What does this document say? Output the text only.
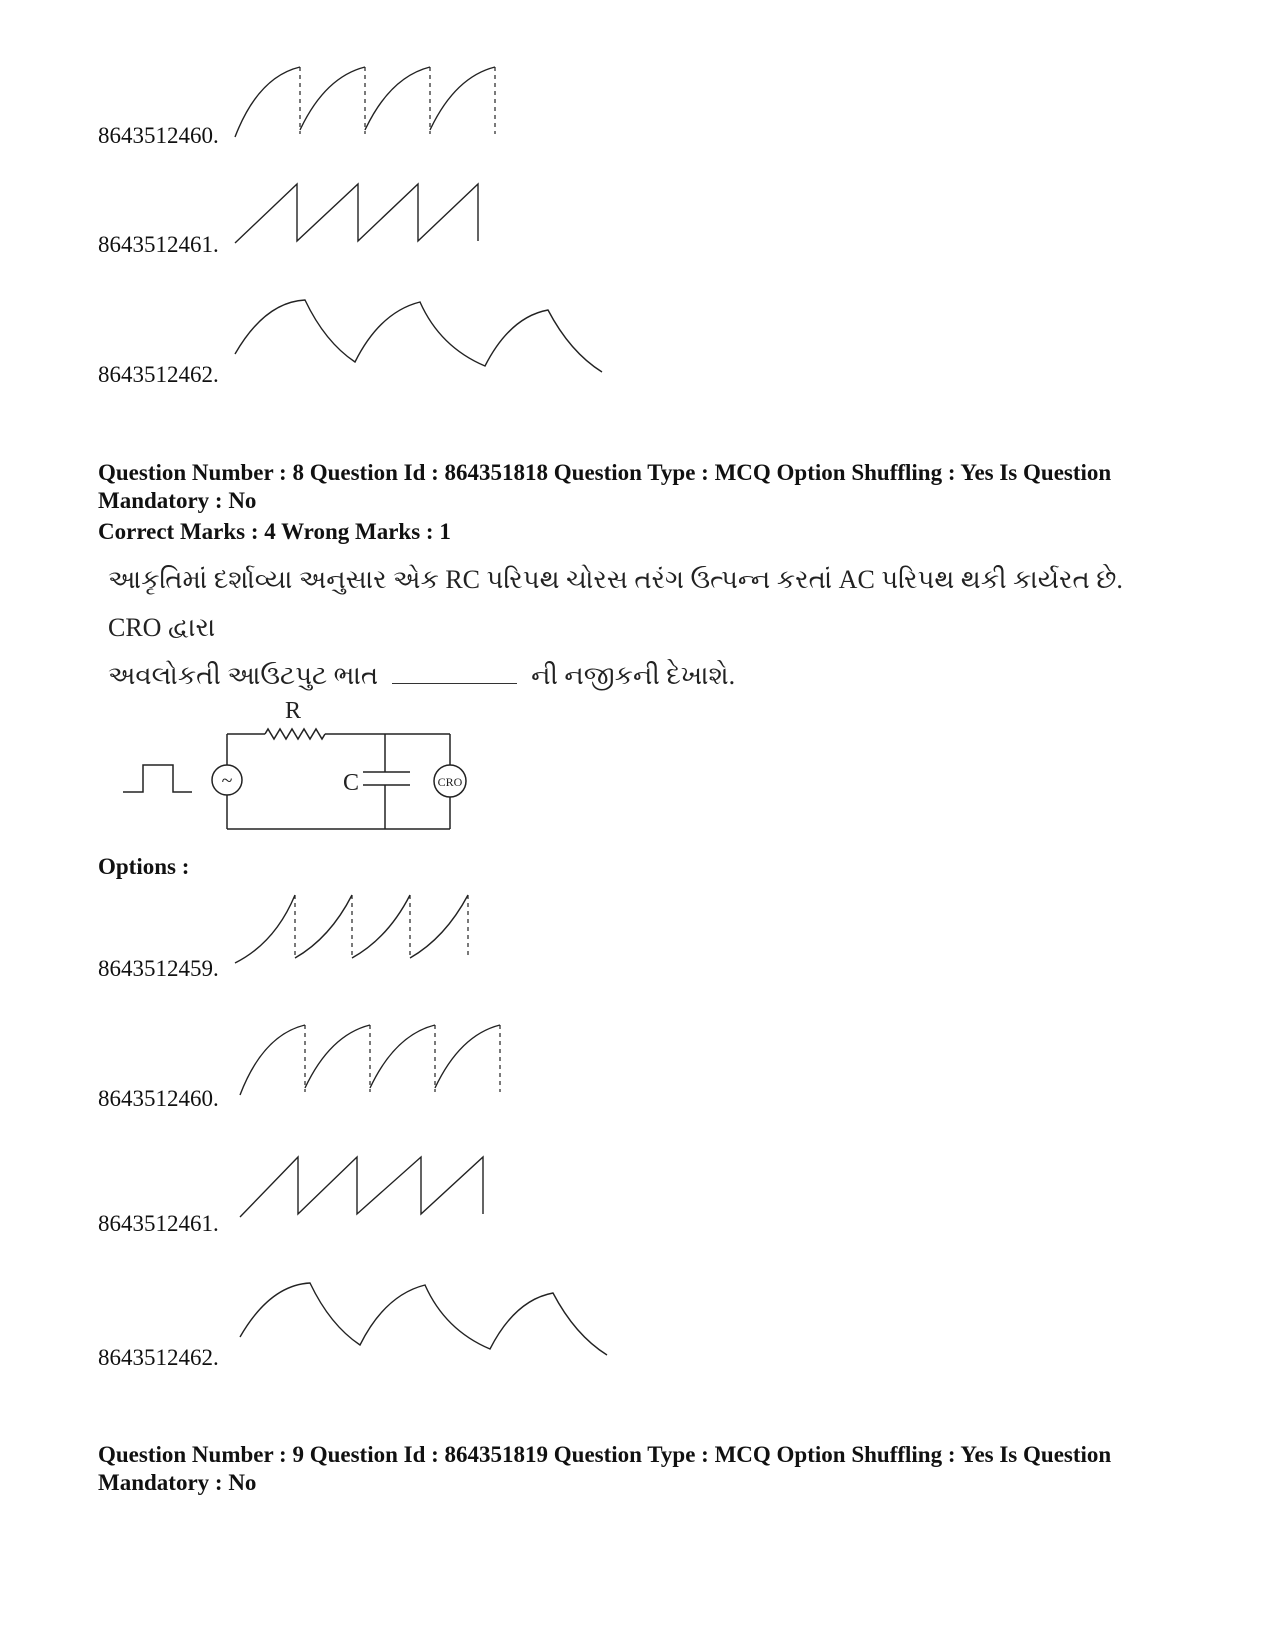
8643512460.
8643512461.
8643512462.
Question Number : 8 Question Id : 864351818 Question Type : MCQ Option Shuffling : Yes Is Question
Mandatory : No
Correct Marks : 4 Wrong Marks : 1
આકૃતિમાં દર્શાવ્યા અનુસાર એક RC પરિપથ ચોરસ તરંગ ઉત્પન્ન કરતાં AC પરિપથ થકી કાર્યરત છે. CRO દ્વારા
અવલોકતી આઉટપુટ ભાત	ની નજીકની દેખાશે.
~
R
C	CRO
Options :
8643512459.
8643512460.
8643512461.
8643512462.
Question Number : 9 Question Id : 864351819 Question Type : MCQ Option Shuffling : Yes Is Question
Mandatory : No
